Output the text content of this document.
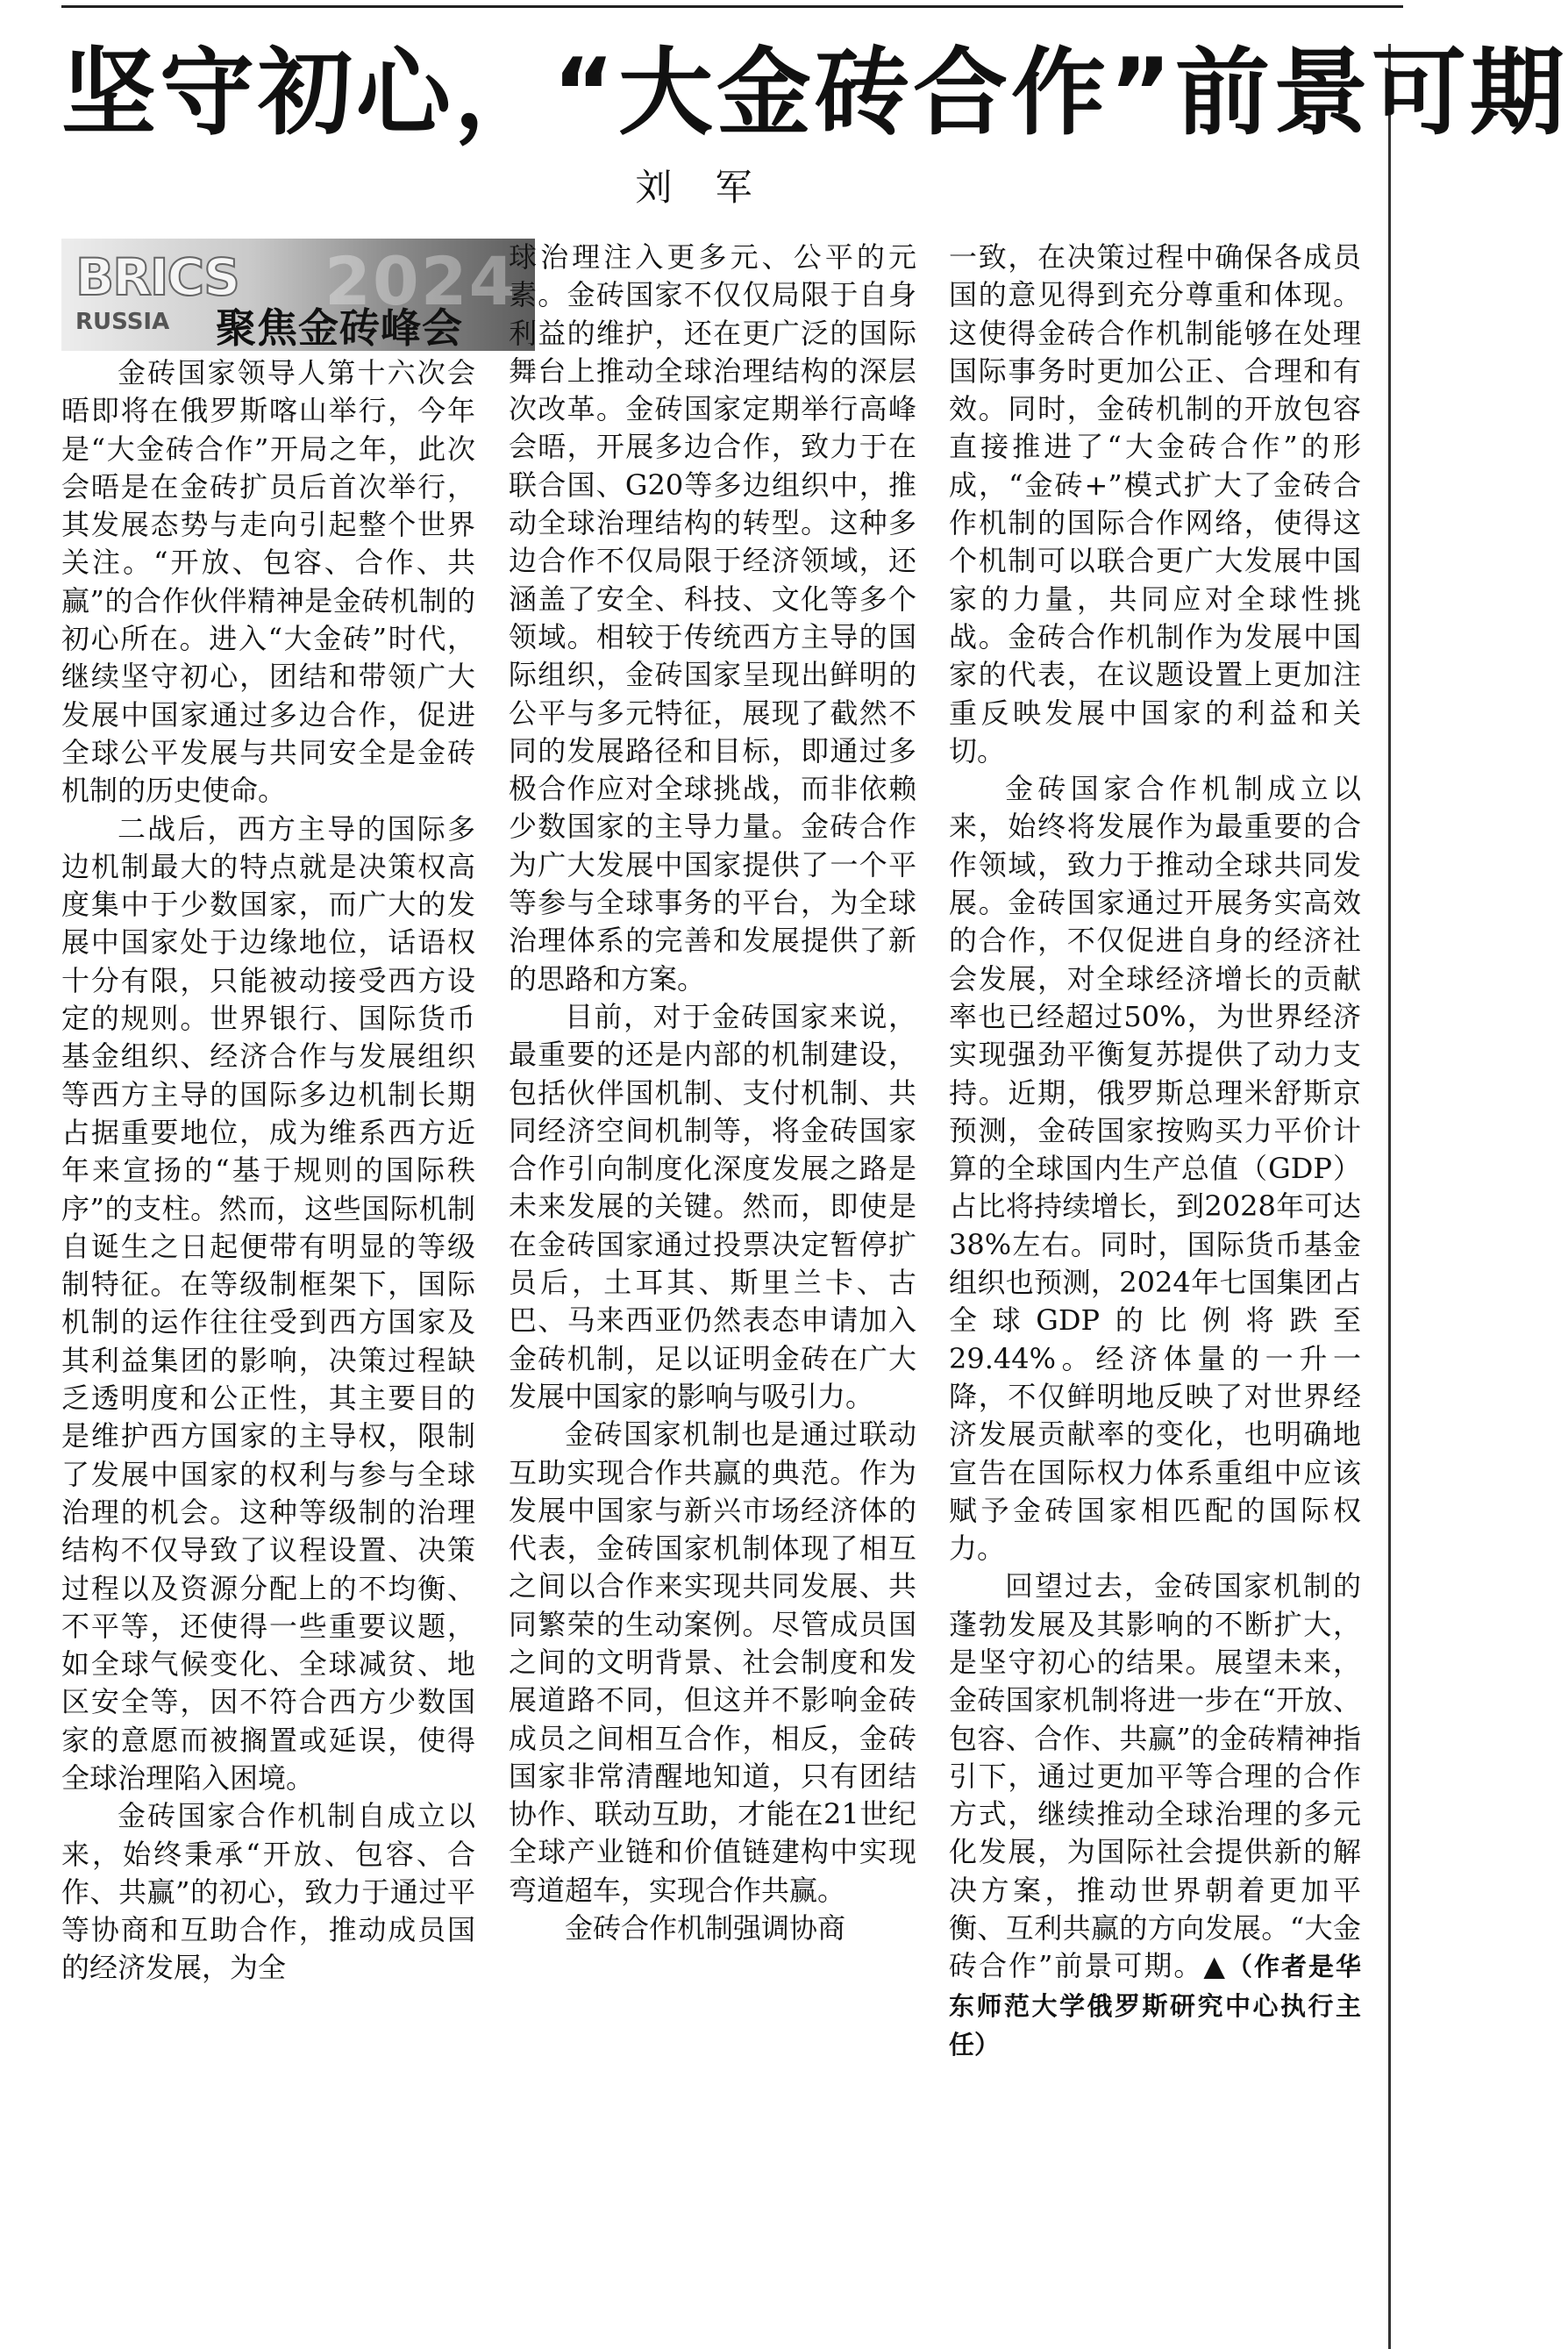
坚守初心，“大金砖合作”前景可期
刘 军
2024
BRICS
RUSSIA 聚焦金砖峰会

金砖国家领导人第十六次会晤即将在俄罗斯喀山举行，今年是“大金砖合作”开局之年，此次会晤是在金砖扩员后首次举行，其发展态势与走向引起整个世界关注。“开放、包容、合作、共赢”的合作伙伴精神是金砖机制的初心所在。进入“大金砖”时代，继续坚守初心，团结和带领广大发展中国家通过多边合作，促进全球公平发展与共同安全是金砖机制的历史使命。

二战后，西方主导的国际多边机制最大的特点就是决策权高度集中于少数国家，而广大的发展中国家处于边缘地位，话语权十分有限，只能被动接受西方设定的规则。世界银行、国际货币基金组织、经济合作与发展组织等西方主导的国际多边机制长期占据重要地位，成为维系西方近年来宣扬的“基于规则的国际秩序”的支柱。然而，这些国际机制自诞生之日起便带有明显的等级制特征。在等级制框架下，国际机制的运作往往受到西方国家及其利益集团的影响，决策过程缺乏透明度和公正性，其主要目的是维护西方国家的主导权，限制了发展中国家的权利与参与全球治理的机会。这种等级制的治理结构不仅导致了议程设置、决策过程以及资源分配上的不均衡、不平等，还使得一些重要议题，如全球气候变化、全球减贫、地区安全等，因不符合西方少数国家的意愿而被搁置或延误，使得全球治理陷入困境。

金砖国家合作机制自成立以来，始终秉承“开放、包容、合作、共赢”的初心，致力于通过平等协商和互助合作，推动成员国的经济发展，为全

球治理注入更多元、公平的元素。金砖国家不仅仅局限于自身利益的维护，还在更广泛的国际舞台上推动全球治理结构的深层次改革。金砖国家定期举行高峰会晤，开展多边合作，致力于在联合国、G20等多边组织中，推动全球治理结构的转型。这种多边合作不仅局限于经济领域，还涵盖了安全、科技、文化等多个领域。相较于传统西方主导的国际组织，金砖国家呈现出鲜明的公平与多元特征，展现了截然不同的发展路径和目标，即通过多极合作应对全球挑战，而非依赖少数国家的主导力量。金砖合作为广大发展中国家提供了一个平等参与全球事务的平台，为全球治理体系的完善和发展提供了新的思路和方案。

目前，对于金砖国家来说，最重要的还是内部的机制建设，包括伙伴国机制、支付机制、共同经济空间机制等，将金砖国家合作引向制度化深度发展之路是未来发展的关键。然而，即使是在金砖国家通过投票决定暂停扩员后，土耳其、斯里兰卡、古巴、马来西亚仍然表态申请加入金砖机制，足以证明金砖在广大发展中国家的影响与吸引力。

金砖国家机制也是通过联动互助实现合作共赢的典范。作为发展中国家与新兴市场经济体的代表，金砖国家机制体现了相互之间以合作来实现共同发展、共同繁荣的生动案例。尽管成员国之间的文明背景、社会制度和发展道路不同，但这并不影响金砖成员之间相互合作，相反，金砖国家非常清醒地知道，只有团结协作、联动互助，才能在21世纪全球产业链和价值链建构中实现弯道超车，实现合作共赢。

金砖合作机制强调协商

一致，在决策过程中确保各成员国的意见得到充分尊重和体现。这使得金砖合作机制能够在处理国际事务时更加公正、合理和有效。同时，金砖机制的开放包容直接推进了“大金砖合作”的形成，“金砖+”模式扩大了金砖合作机制的国际合作网络，使得这个机制可以联合更广大发展中国家的力量，共同应对全球性挑战。金砖合作机制作为发展中国家的代表，在议题设置上更加注重反映发展中国家的利益和关切。

金砖国家合作机制成立以来，始终将发展作为最重要的合作领域，致力于推动全球共同发展。金砖国家通过开展务实高效的合作，不仅促进自身的经济社会发展，对全球经济增长的贡献率也已经超过50%，为世界经济实现强劲平衡复苏提供了动力支持。近期，俄罗斯总理米舒斯京预测，金砖国家按购买力平价计算的全球国内生产总值（GDP）占比将持续增长，到2028年可达38%左右。同时，国际货币基金组织也预测，2024年七国集团占全球GDP的比例将跌至29.44%。经济体量的一升一降，不仅鲜明地反映了对世界经济发展贡献率的变化，也明确地宣告在国际权力体系重组中应该赋予金砖国家相匹配的国际权力。

回望过去，金砖国家机制的蓬勃发展及其影响的不断扩大，是坚守初心的结果。展望未来，金砖国家机制将进一步在“开放、包容、合作、共赢”的金砖精神指引下，通过更加平等合理的合作方式，继续推动全球治理的多元化发展，为国际社会提供新的解决方案，推动世界朝着更加平衡、互利共赢的方向发展。“大金砖合作”前景可期。▲（作者是华东师范大学俄罗斯研究中心执行主任）
